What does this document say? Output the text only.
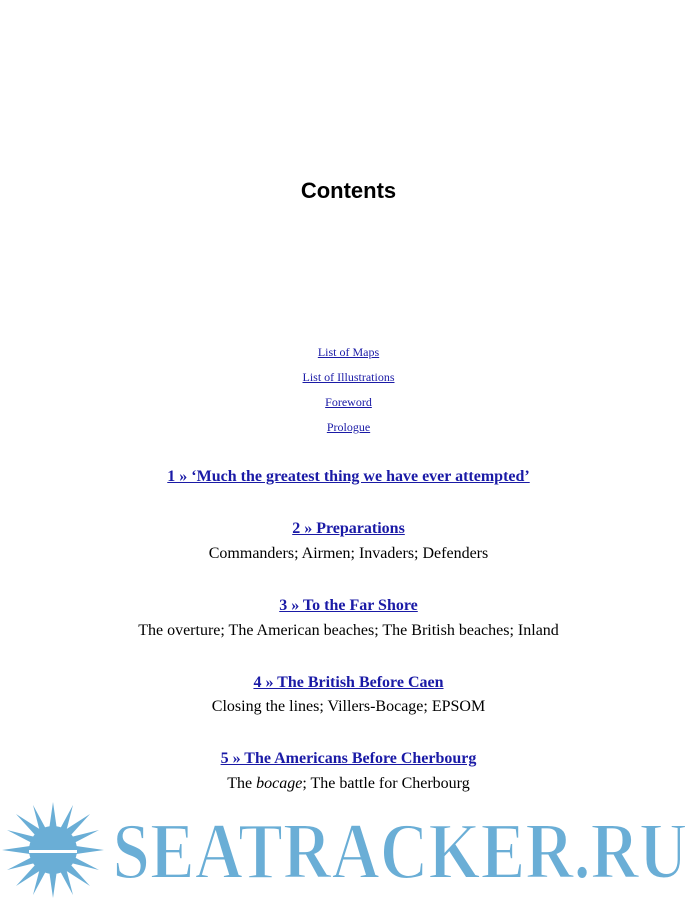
Contents
List of Maps
List of Illustrations
Foreword
Prologue
1 » ‘Much the greatest thing we have ever attempted’
2 » Preparations
Commanders; Airmen; Invaders; Defenders
3 » To the Far Shore
The overture; The American beaches; The British beaches; Inland
4 » The British Before Caen
Closing the lines; Villers-Bocage; EPSOM
5 » The Americans Before Cherbourg
The bocage; The battle for Cherbourg
SEATRACKER.RU
